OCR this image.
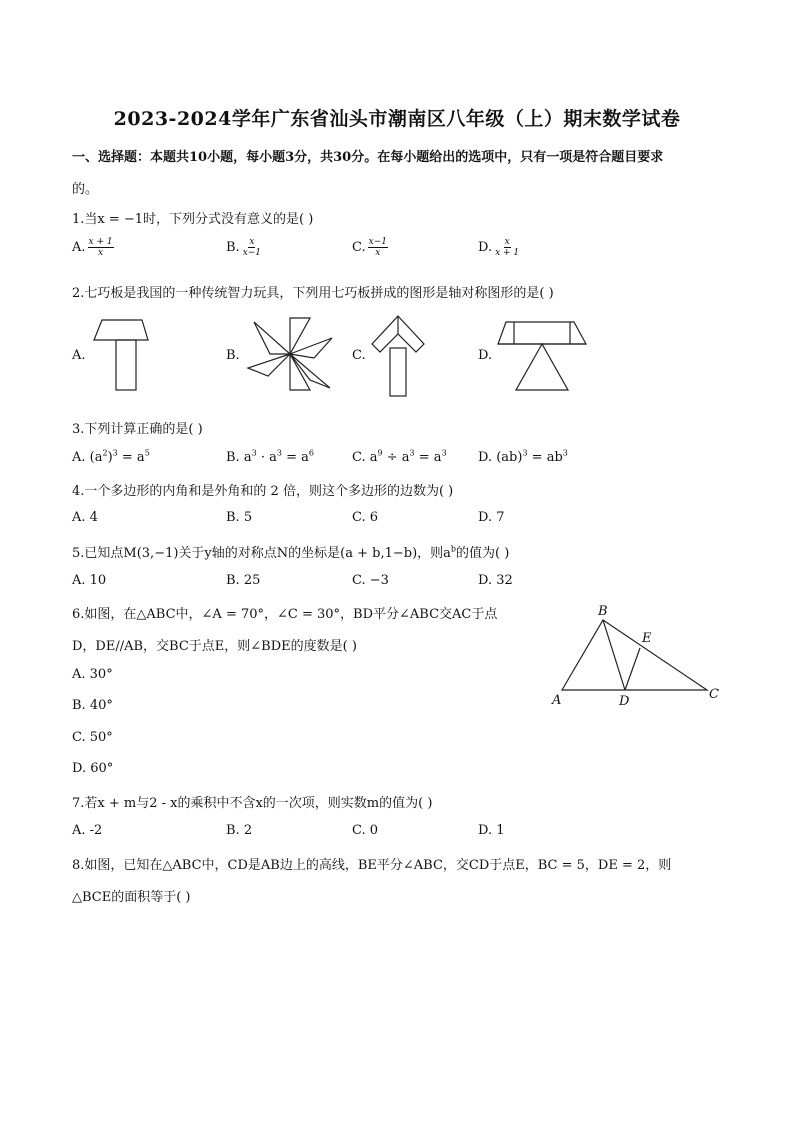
2023-2024学年广东省汕头市潮南区八年级（上）期末数学试卷
一、选择题：本题共10小题，每小题3分，共30分。在每小题给出的选项中，只有一项是符合题目要求
的。
1.当x = −1时，下列分式没有意义的是( )
A. $\frac{x + 1}{x}$	B. $\frac{x}{x-1}$	C. $\frac{x-1}{x}$	D. $\frac{x}{x + 1}$
2.七巧板是我国的一种传统智力玩具，下列用七巧板拼成的图形是轴对称图形的是( )
A.	B.	C.	D.
3.下列计算正确的是( )
A. $(a^2)^3 = a^5$	B. $a^3 \cdot a^3 = a^6$	C. $a^9 \div a^3 = a^3$ D. $(ab)^3 = ab^3$
4.一个多边形的内角和是外角和的 2 倍，则这个多边形的边数为( )
A. 4	B. 5	C. 6	D. 7
5.已知点M(3,−1)关于y轴的对称点N的坐标是(a + b,1−b)，则$a^b$的值为( )
A. 10	B. 25	C. −3	D. 32
6.如图，在△ABC中，∠A = 70°，∠C = 30°，BD平分∠ABC交AC于点
D，DE//AB，交BC于点E，则∠BDE的度数是( )
A. 30°
B. 40°
C. 50°
D. 60°
B
E
A	D	C
7.若x + m与2 - x的乘积中不含x的一次项，则实数m的值为( )
A. -2	B. 2	C. 0	D. 1
8.如图，已知在△ABC中，CD是AB边上的高线，BE平分∠ABC，交CD于点E，BC = 5，DE = 2，则
△BCE的面积等于( )
